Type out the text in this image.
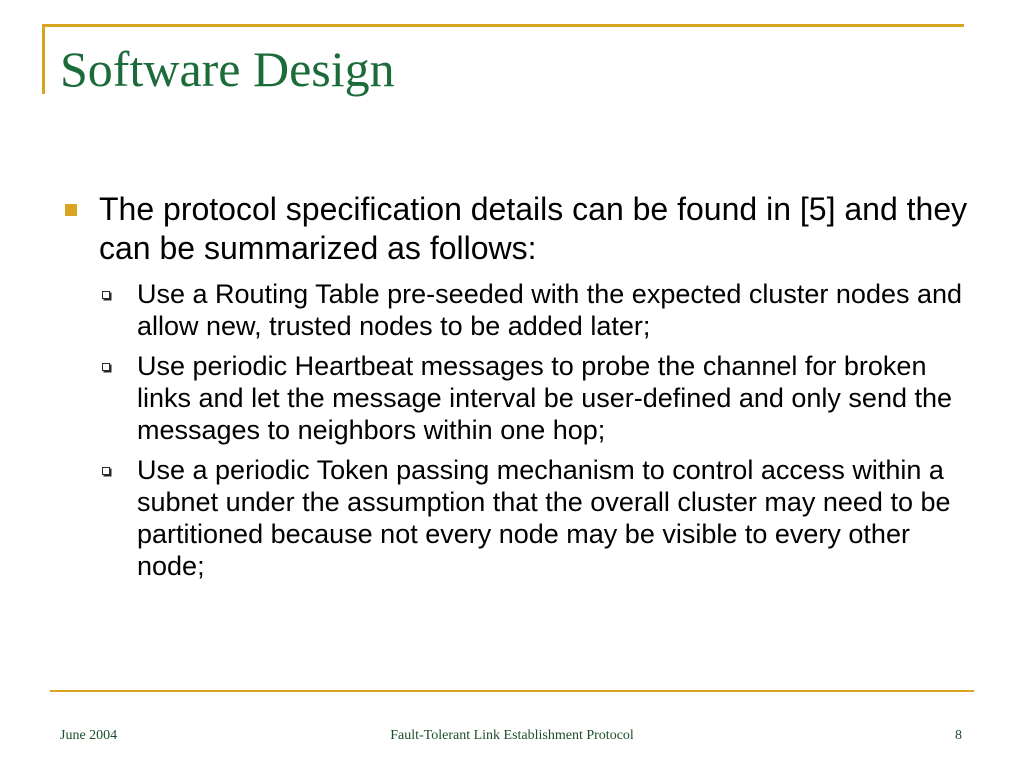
Software Design
The protocol specification details can be found in [5] and they can be summarized as follows:
Use a Routing Table pre-seeded with the expected cluster nodes and allow new, trusted nodes to be added later;
Use periodic Heartbeat messages to probe the channel for broken links and let the message interval be user-defined and only send the messages to neighbors within one hop;
Use a periodic Token passing mechanism to control access within a subnet under the assumption that the overall cluster may need to be partitioned because not every node may be visible to every other node;
June 2004	Fault-Tolerant Link Establishment Protocol	8
